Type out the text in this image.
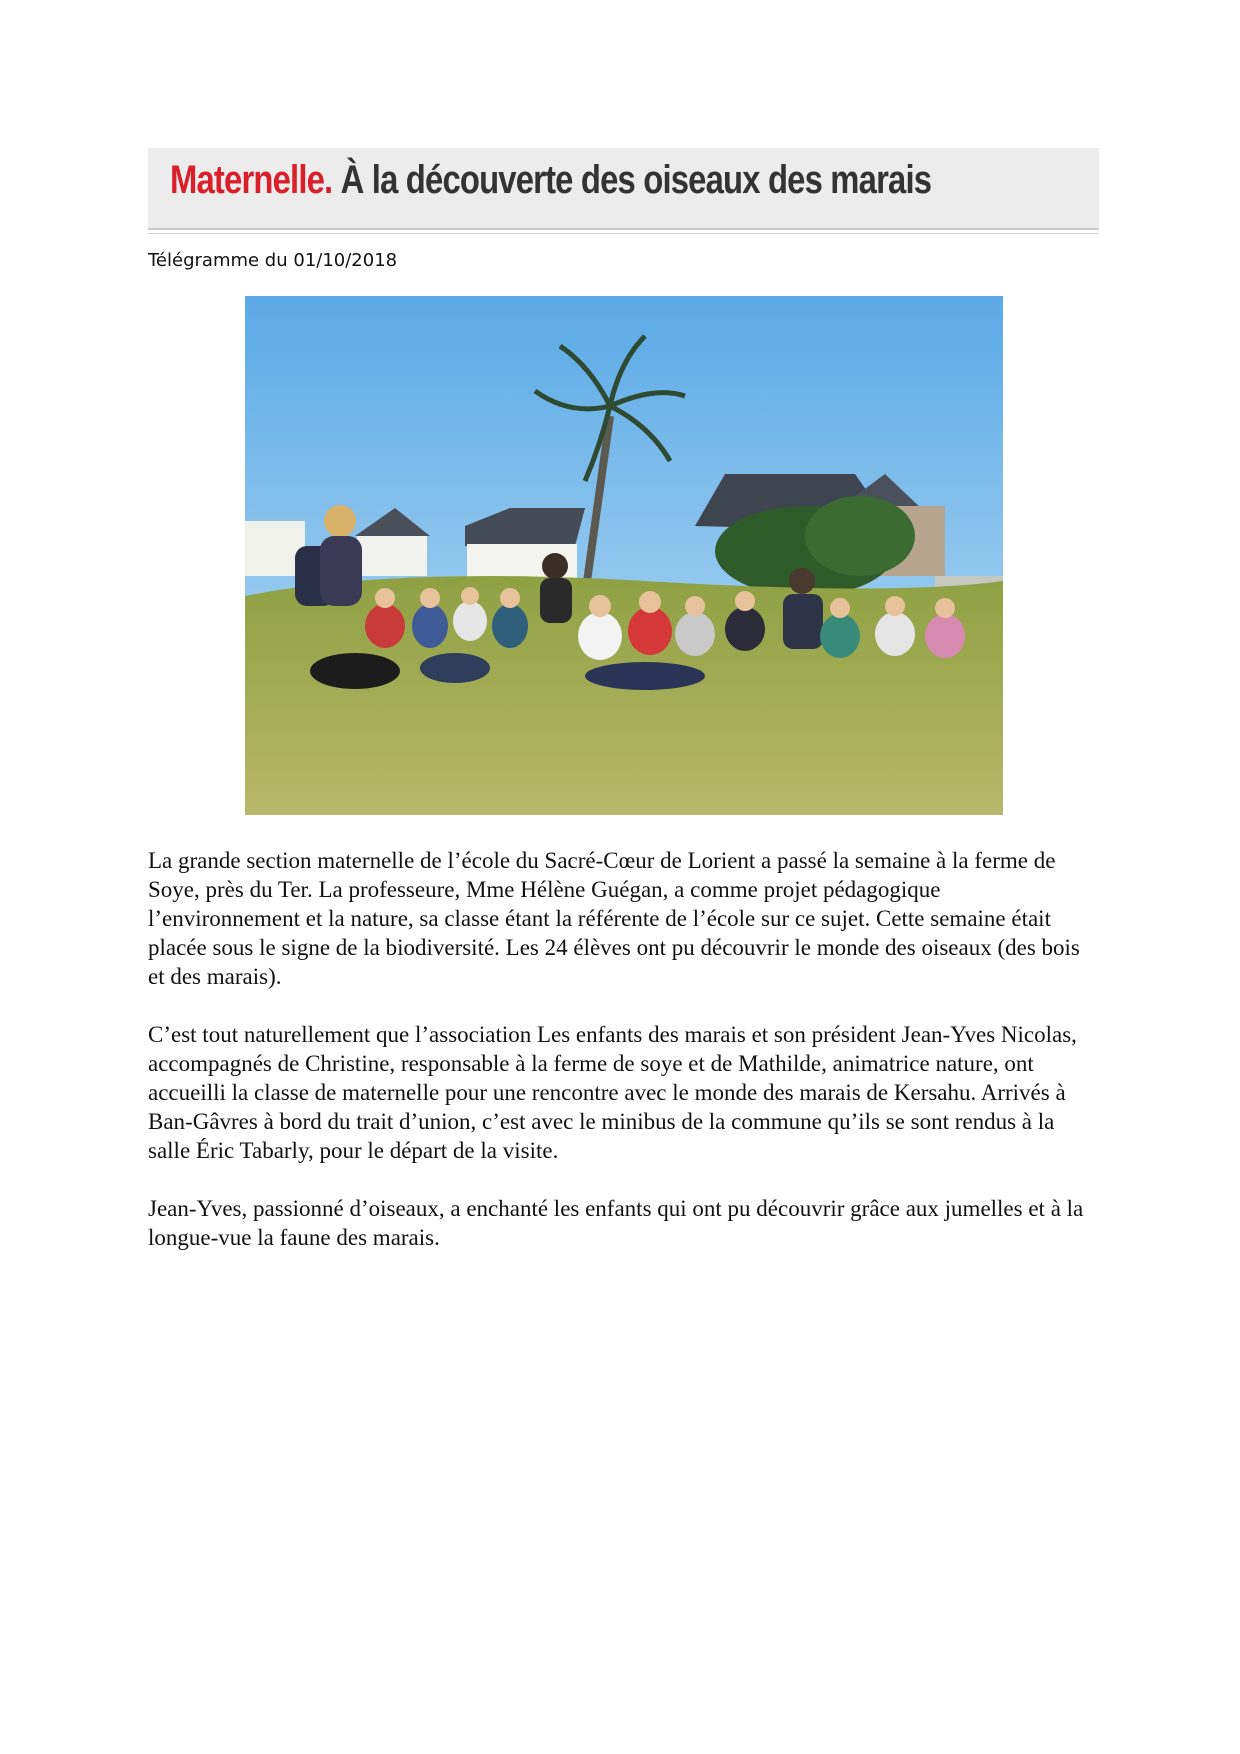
Maternelle. À la découverte des oiseaux des marais

Télégramme du 01/10/2018

La grande section maternelle de l’école du Sacré-Cœur de Lorient a passé la semaine à la ferme de Soye, près du Ter. La professeure, Mme Hélène Guégan, a comme projet pédagogique l’environnement et la nature, sa classe étant la référente de l’école sur ce sujet. Cette semaine était placée sous le signe de la biodiversité. Les 24 élèves ont pu découvrir le monde des oiseaux (des bois et des marais).

C’est tout naturellement que l’association Les enfants des marais et son président Jean-Yves Nicolas, accompagnés de Christine, responsable à la ferme de soye et de Mathilde, animatrice nature, ont accueilli la classe de maternelle pour une rencontre avec le monde des marais de Kersahu. Arrivés à Ban-Gâvres à bord du trait d’union, c’est avec le minibus de la commune qu’ils se sont rendus à la salle Éric Tabarly, pour le départ de la visite.

Jean-Yves, passionné d’oiseaux, a enchanté les enfants qui ont pu découvrir grâce aux jumelles et à la longue-vue la faune des marais.
